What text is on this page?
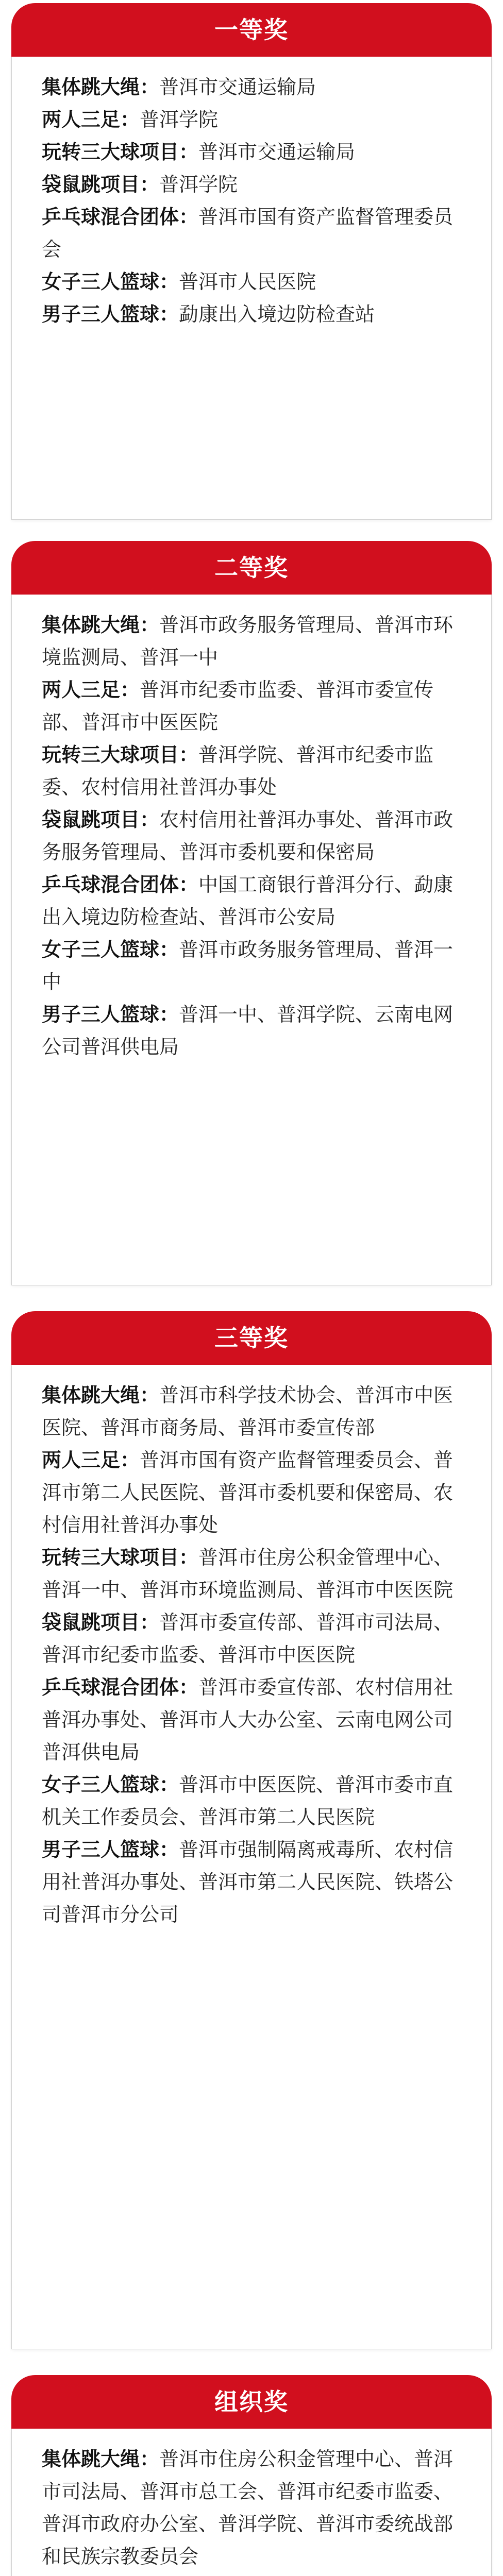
一等奖

集体跳大绳：普洱市交通运输局

两人三足：普洱学院

玩转三大球项目：普洱市交通运输局

袋鼠跳项目：普洱学院

乒乓球混合团体：普洱市国有资产监督管理委员会

女子三人篮球：普洱市人民医院

男子三人篮球：勐康出入境边防检查站

二等奖

集体跳大绳：普洱市政务服务管理局、普洱市环境监测局、普洱一中

两人三足：普洱市纪委市监委、普洱市委宣传部、普洱市中医医院

玩转三大球项目：普洱学院、普洱市纪委市监委、农村信用社普洱办事处

袋鼠跳项目：农村信用社普洱办事处、普洱市政务服务管理局、普洱市委机要和保密局

乒乓球混合团体：中国工商银行普洱分行、勐康出入境边防检查站、普洱市公安局

女子三人篮球：普洱市政务服务管理局、普洱一中

男子三人篮球：普洱一中、普洱学院、云南电网公司普洱供电局

三等奖

集体跳大绳：普洱市科学技术协会、普洱市中医医院、普洱市商务局、普洱市委宣传部

两人三足：普洱市国有资产监督管理委员会、普洱市第二人民医院、普洱市委机要和保密局、农村信用社普洱办事处

玩转三大球项目：普洱市住房公积金管理中心、普洱一中、普洱市环境监测局、普洱市中医医院

袋鼠跳项目：普洱市委宣传部、普洱市司法局、普洱市纪委市监委、普洱市中医医院

乒乓球混合团体：普洱市委宣传部、农村信用社普洱办事处、普洱市人大办公室、云南电网公司普洱供电局

女子三人篮球：普洱市中医医院、普洱市委市直机关工作委员会、普洱市第二人民医院

男子三人篮球：普洱市强制隔离戒毒所、农村信用社普洱办事处、普洱市第二人民医院、铁塔公司普洱市分公司

组织奖

集体跳大绳：普洱市住房公积金管理中心、普洱市司法局、普洱市总工会、普洱市纪委市监委、普洱市政府办公室、普洱学院、普洱市委统战部和民族宗教委员会
